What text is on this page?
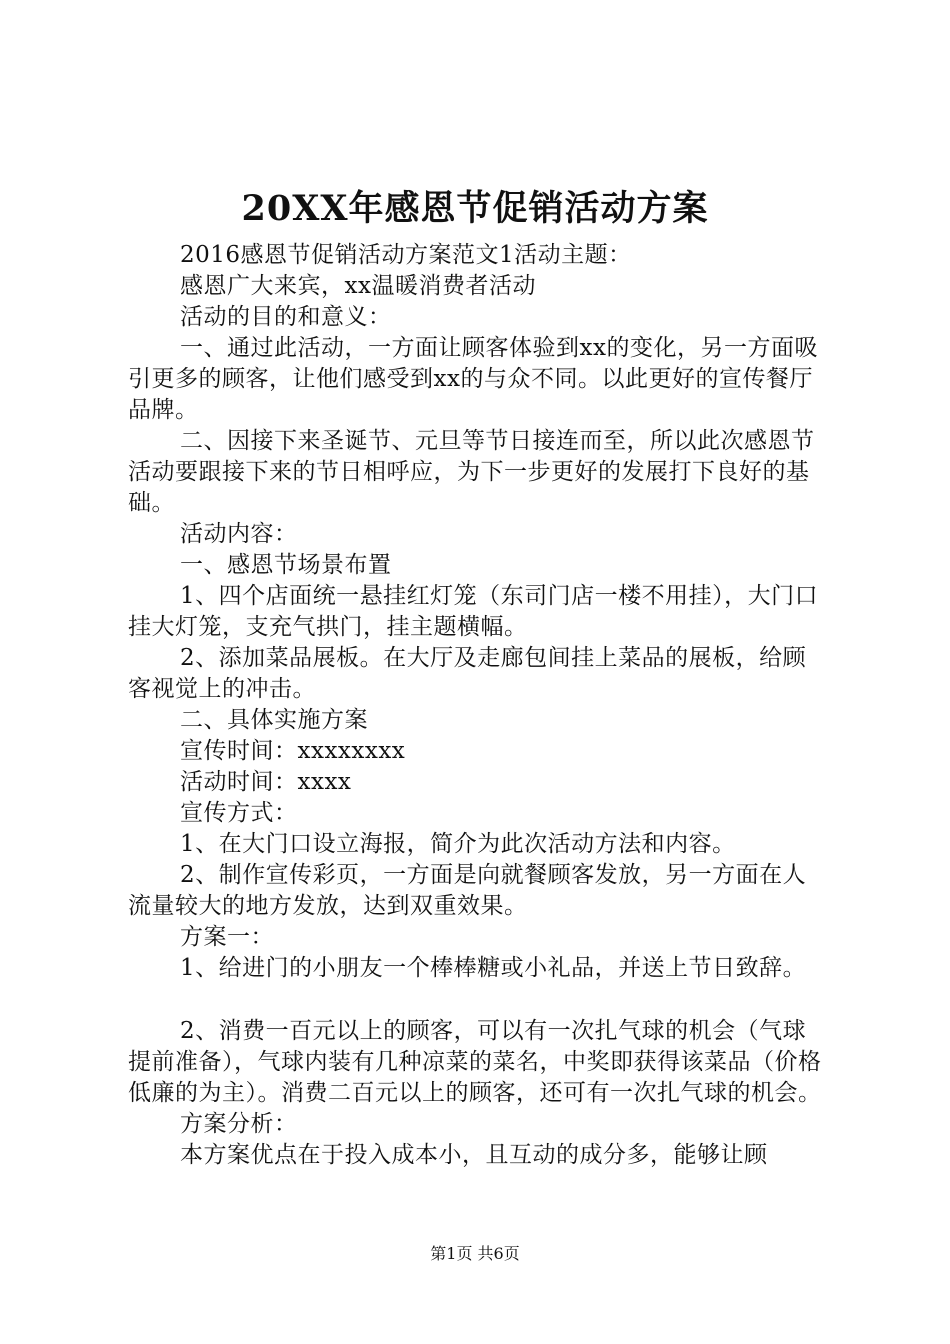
20XX年感恩节促销活动方案

2016感恩节促销活动方案范文1活动主题：

感恩广大来宾，xx温暖消费者活动

活动的目的和意义：

一、通过此活动，一方面让顾客体验到xx的变化，另一方面吸引更多的顾客，让他们感受到xx的与众不同。以此更好的宣传餐厅品牌。

二、因接下来圣诞节、元旦等节日接连而至，所以此次感恩节活动要跟接下来的节日相呼应，为下一步更好的发展打下良好的基础。

活动内容：

一、感恩节场景布置

1、四个店面统一悬挂红灯笼（东司门店一楼不用挂），大门口挂大灯笼，支充气拱门，挂主题横幅。

2、添加菜品展板。在大厅及走廊包间挂上菜品的展板，给顾客视觉上的冲击。

二、具体实施方案

宣传时间：xxxxxxxx

活动时间：xxxx

宣传方式：

1、在大门口设立海报，简介为此次活动方法和内容。

2、制作宣传彩页，一方面是向就餐顾客发放，另一方面在人流量较大的地方发放，达到双重效果。

方案一：

1、给进门的小朋友一个棒棒糖或小礼品，并送上节日致辞。

2、消费一百元以上的顾客，可以有一次扎气球的机会（气球提前准备），气球内装有几种凉菜的菜名，中奖即获得该菜品（价格低廉的为主）。消费二百元以上的顾客，还可有一次扎气球的机会。

方案分析：

本方案优点在于投入成本小，且互动的成分多，能够让顾

第1页 共6页
